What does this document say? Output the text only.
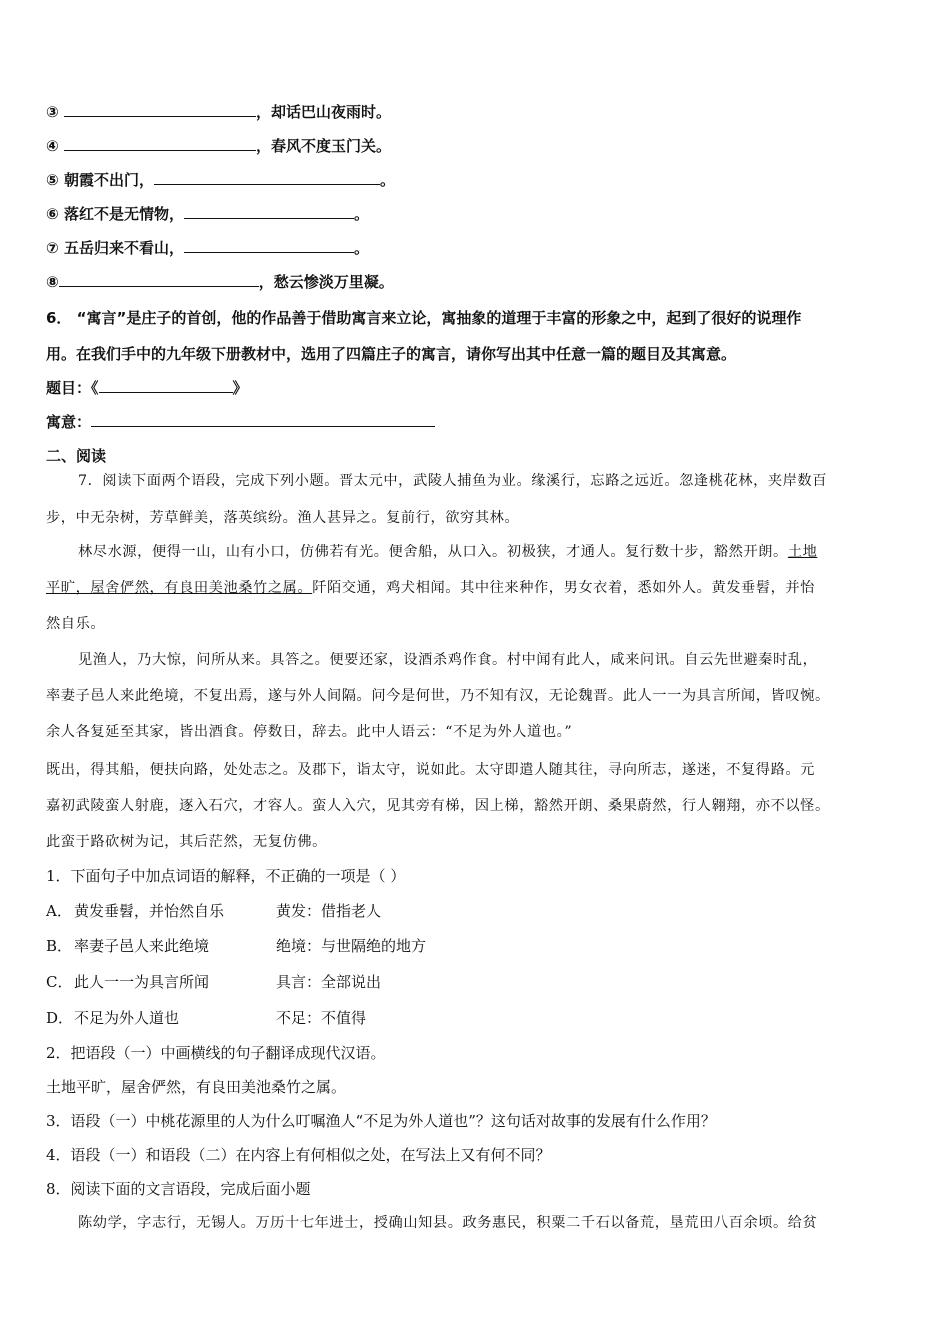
③	，却话巴山夜雨时。
④	，春风不度玉门关。
⑤ 朝霞不出门，	。
⑥ 落红不是无情物，	。
⑦ 五岳归来不看山，	。
⑧	，愁云惨淡万里凝。
6． “寓言”是庄子的首创，他的作品善于借助寓言来立论，寓抽象的道理于丰富的形象之中，起到了很好的说理作
用。在我们手中的九年级下册教材中，选用了四篇庄子的寓言，请你写出其中任意一篇的题目及其寓意。
题目：《	》
寓意：
二、阅读
7．阅读下面两个语段，完成下列小题。晋太元中，武陵人捕鱼为业。缘溪行，忘路之远近。忽逢桃花林，夹岸数百
步，中无杂树，芳草鲜美，落英缤纷。渔人甚异之。复前行，欲穷其林。
林尽水源，便得一山，山有小口，仿佛若有光。便舍船，从口入。初极狭，才通人。复行数十步，豁然开朗。土地
平旷，屋舍俨然，有良田美池桑竹之属。阡陌交通，鸡犬相闻。其中往来种作，男女衣着，悉如外人。黄发垂髫，并怡
然自乐。
见渔人，乃大惊，问所从来。具答之。便要还家，设酒杀鸡作食。村中闻有此人，咸来问讯。自云先世避秦时乱，
率妻子邑人来此绝境，不复出焉，遂与外人间隔。问今是何世，乃不知有汉，无论魏晋。此人一一为具言所闻，皆叹惋。
余人各复延至其家，皆出酒食。停数日，辞去。此中人语云：“不足为外人道也。”
既出，得其船，便扶向路，处处志之。及郡下，诣太守，说如此。太守即遣人随其往，寻向所志，遂迷，不复得路。元
嘉初武陵蛮人射鹿，逐入石穴，才容人。蛮人入穴，见其旁有梯，因上梯，豁然开朗、桑果蔚然，行人翱翔，亦不以怪。
此蛮于路砍树为记，其后茫然，无复仿佛。
1．下面句子中加点词语的解释，不正确的一项是（ ）
A． 黄发垂髫，并怡然自乐	黄发：借指老人
B． 率妻子邑人来此绝境	绝境：与世隔绝的地方
C． 此人一一为具言所闻	具言：全部说出
D． 不足为外人道也	不足：不值得
2．把语段（一）中画横线的句子翻译成现代汉语。
土地平旷，屋舍俨然，有良田美池桑竹之属。
3．语段（一）中桃花源里的人为什么叮嘱渔人“不足为外人道也”？这句话对故事的发展有什么作用？
4．语段（一）和语段（二）在内容上有何相似之处，在写法上又有何不同？
8．阅读下面的文言语段，完成后面小题
陈幼学，字志行，无锡人。万历十七年进士，授确山知县。政务惠民，积粟二千石以备荒，垦荒田八百余顷。给贫
